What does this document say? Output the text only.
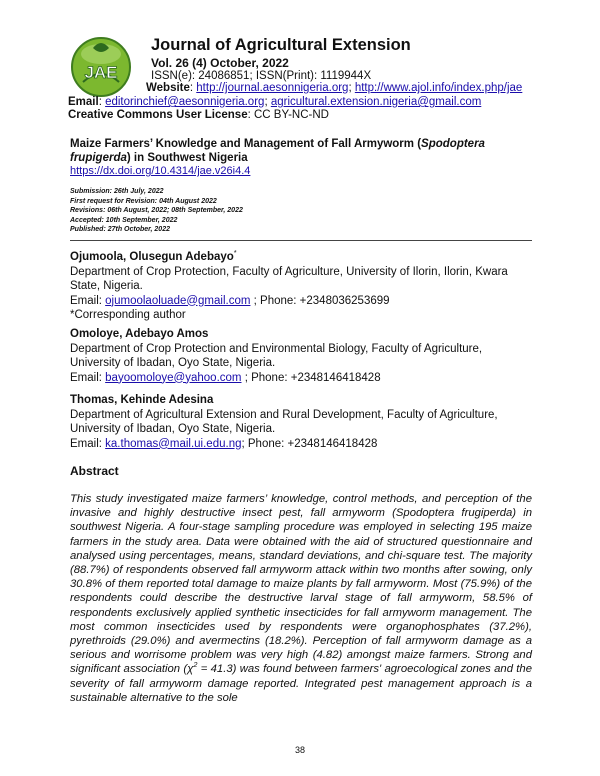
JAE
Journal of Agricultural Extension
Vol. 26 (4) October, 2022
ISSN(e): 24086851; ISSN(Print): 1119944X
Website: http://journal.aesonnigeria.org; http://www.ajol.info/index.php/jae
Email: editorinchief@aesonnigeria.org; agricultural.extension.nigeria@gmail.com
Creative Commons User License: CC BY-NC-ND
Maize Farmers’ Knowledge and Management of Fall Armyworm (Spodoptera frupigerda) in Southwest Nigeria
https://dx.doi.org/10.4314/jae.v26i4.4
Submission: 26th July, 2022
First request for Revision: 04th August 2022
Revisions: 06th August, 2022; 08th September, 2022
Accepted: 10th September, 2022
Published: 27th October, 2022
Ojumoola, Olusegun Adebayo*
Department of Crop Protection, Faculty of Agriculture, University of Ilorin, Ilorin, Kwara State, Nigeria.
Email: ojumoolaoluade@gmail.com ; Phone: +2348036253699
*Corresponding author
Omoloye, Adebayo Amos
Department of Crop Protection and Environmental Biology, Faculty of Agriculture, University of Ibadan, Oyo State, Nigeria.
Email: bayoomoloye@yahoo.com ; Phone: +2348146418428
Thomas, Kehinde Adesina
Department of Agricultural Extension and Rural Development, Faculty of Agriculture, University of Ibadan, Oyo State, Nigeria.
Email: ka.thomas@mail.ui.edu.ng; Phone: +2348146418428
Abstract
This study investigated maize farmers’ knowledge, control methods, and perception of the invasive and highly destructive insect pest, fall armyworm (Spodoptera frugiperda) in southwest Nigeria. A four-stage sampling procedure was employed in selecting 195 maize farmers in the study area. Data were obtained with the aid of structured questionnaire and analysed using percentages, means, standard deviations, and chi-square test. The majority (88.7%) of respondents observed fall armyworm attack within two months after sowing, only 30.8% of them reported total damage to maize plants by fall armyworm. Most (75.9%) of the respondents could describe the destructive larval stage of fall armyworm, 58.5% of respondents exclusively applied synthetic insecticides for fall armyworm management. The most common insecticides used by respondents were organophosphates (37.2%), pyrethroids (29.0%) and avermectins (18.2%). Perception of fall armyworm damage as a serious and worrisome problem was very high (4.82) amongst maize farmers. Strong and significant association $(\chi^2 = 41.3)$ was found between farmers' agroecological zones and the severity of fall armyworm damage reported. Integrated pest management approach is a sustainable alternative to the sole
38
